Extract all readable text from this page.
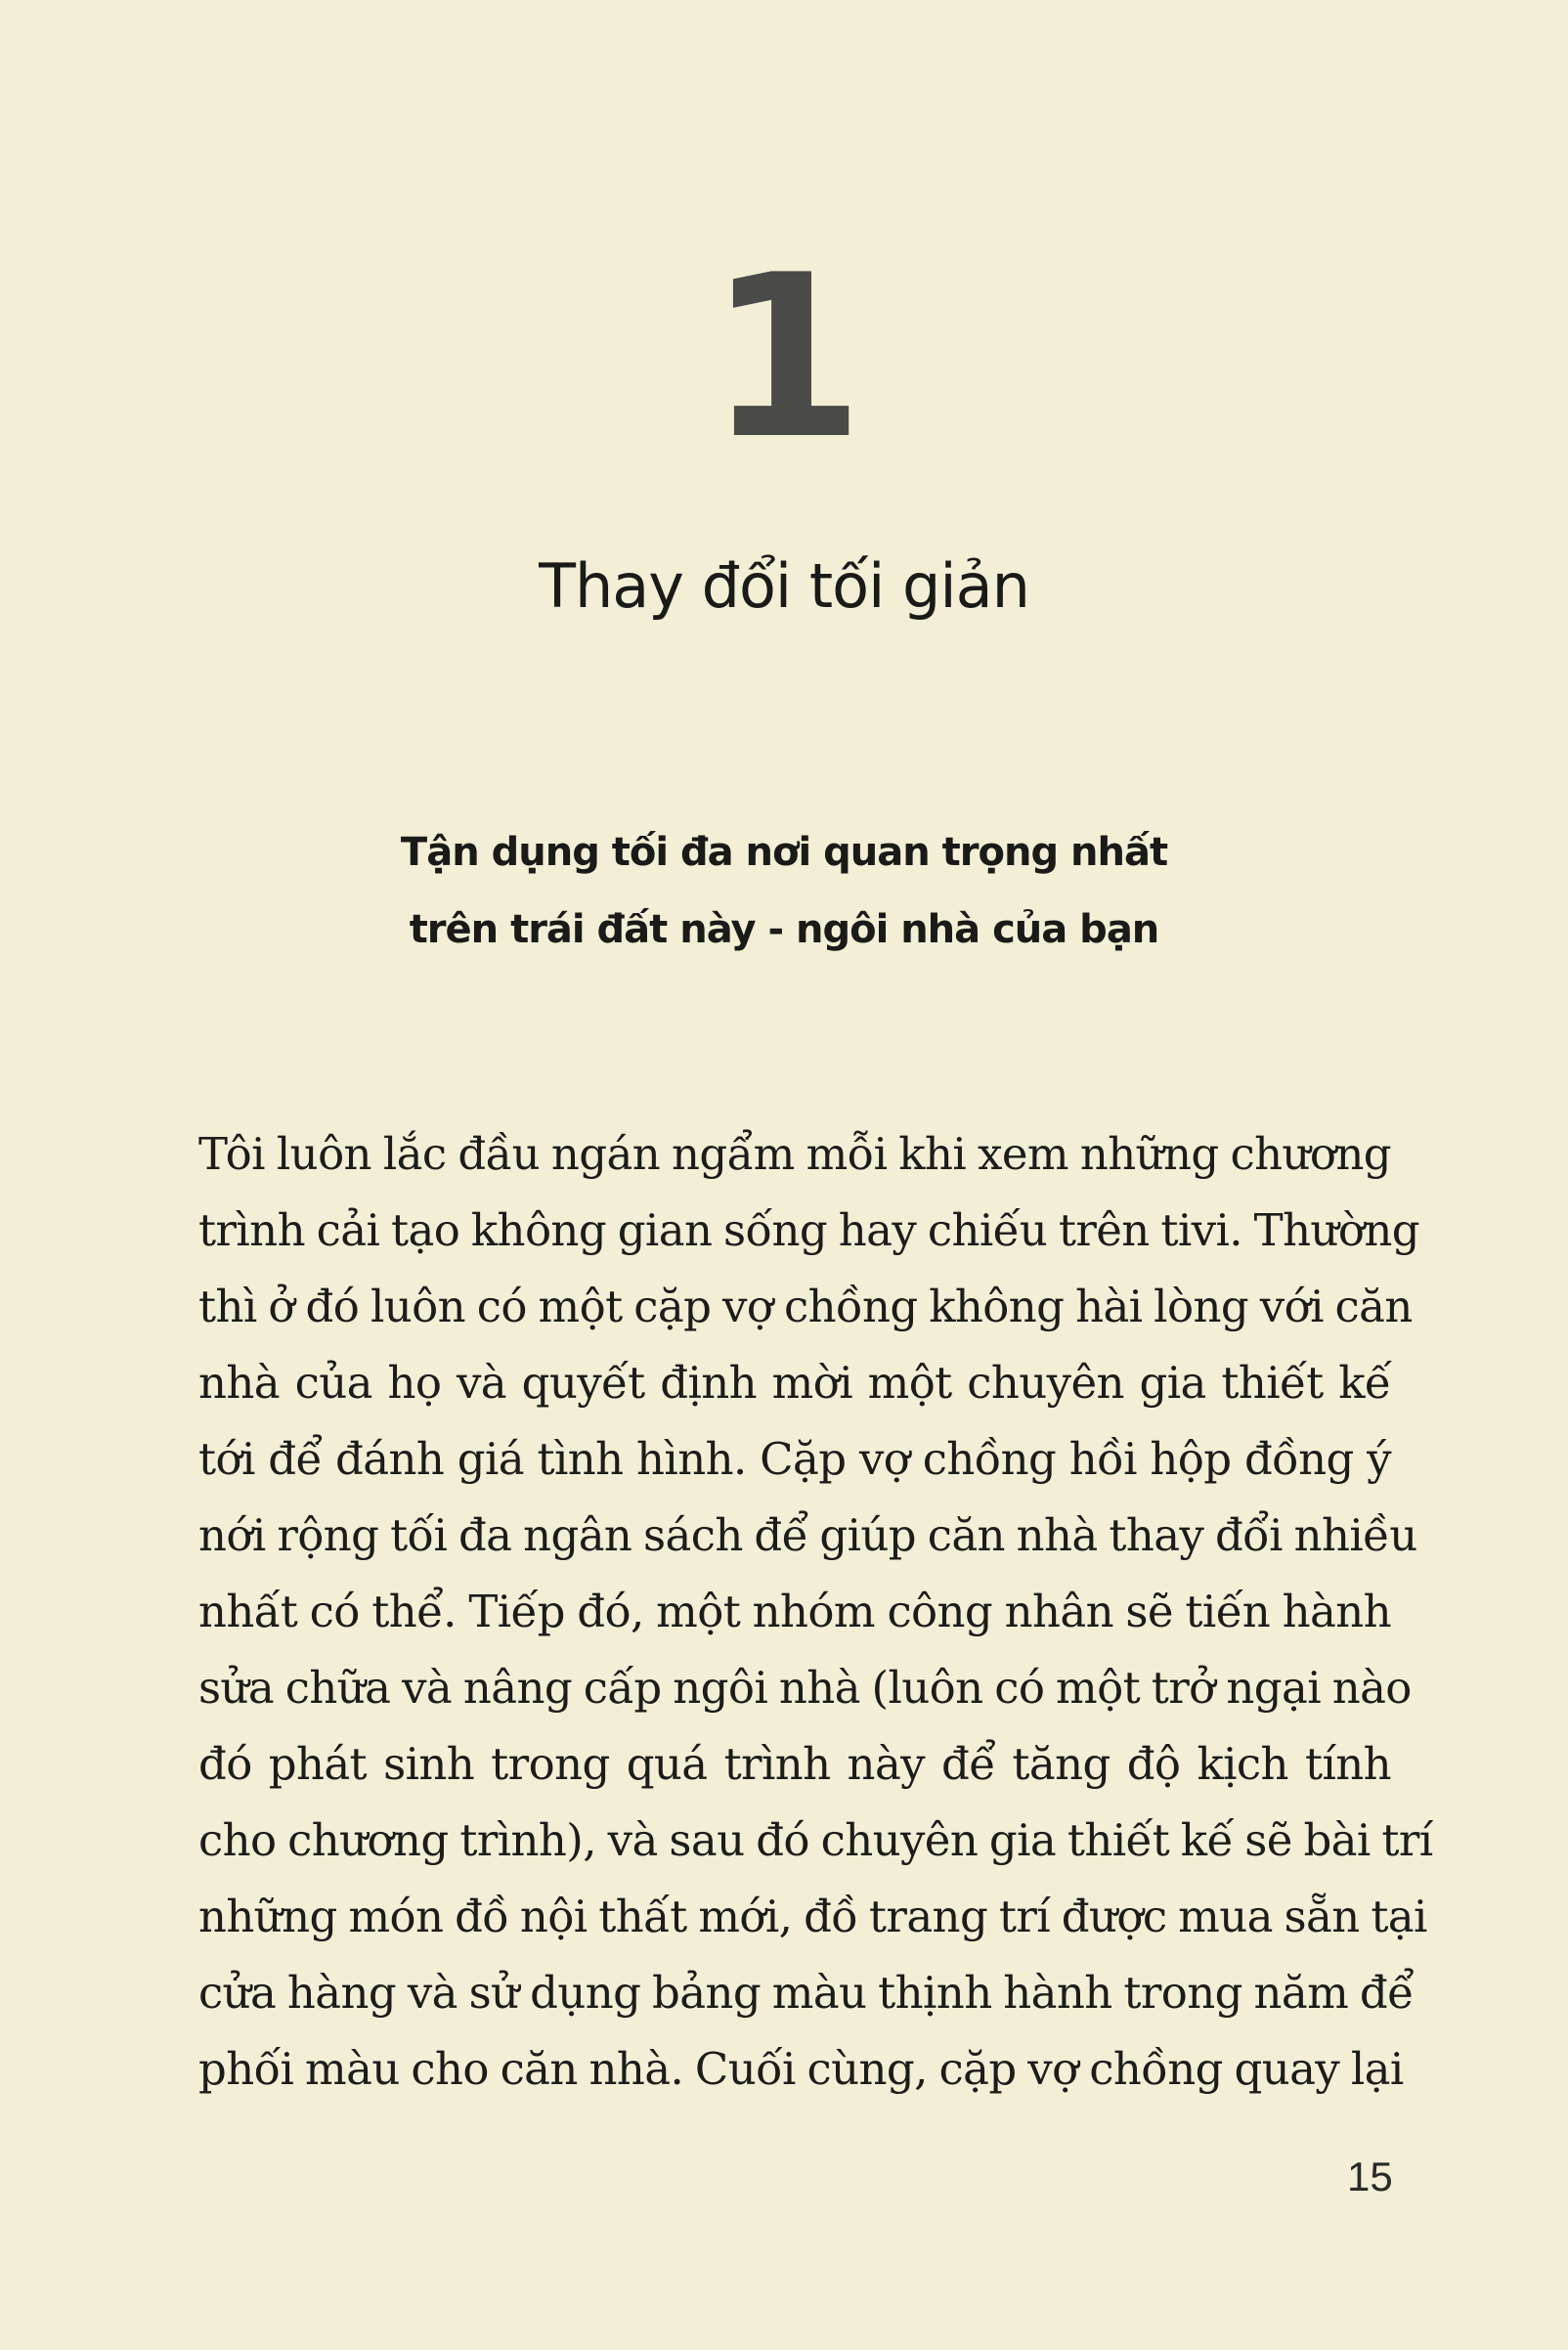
1
Thay đổi tối giản
Tận dụng tối đa nơi quan trọng nhất
trên trái đất này - ngôi nhà của bạn
Tôi luôn lắc đầu ngán ngẩm mỗi khi xem những chương
trình cải tạo không gian sống hay chiếu trên tivi. Thường
thì ở đó luôn có một cặp vợ chồng không hài lòng với căn
nhà của họ và quyết định mời một chuyên gia thiết kế
tới để đánh giá tình hình. Cặp vợ chồng hồi hộp đồng ý
nới rộng tối đa ngân sách để giúp căn nhà thay đổi nhiều
nhất có thể. Tiếp đó, một nhóm công nhân sẽ tiến hành
sửa chữa và nâng cấp ngôi nhà (luôn có một trở ngại nào
đó phát sinh trong quá trình này để tăng độ kịch tính
cho chương trình), và sau đó chuyên gia thiết kế sẽ bài trí
những món đồ nội thất mới, đồ trang trí được mua sẵn tại
cửa hàng và sử dụng bảng màu thịnh hành trong năm để
phối màu cho căn nhà. Cuối cùng, cặp vợ chồng quay lại
15
